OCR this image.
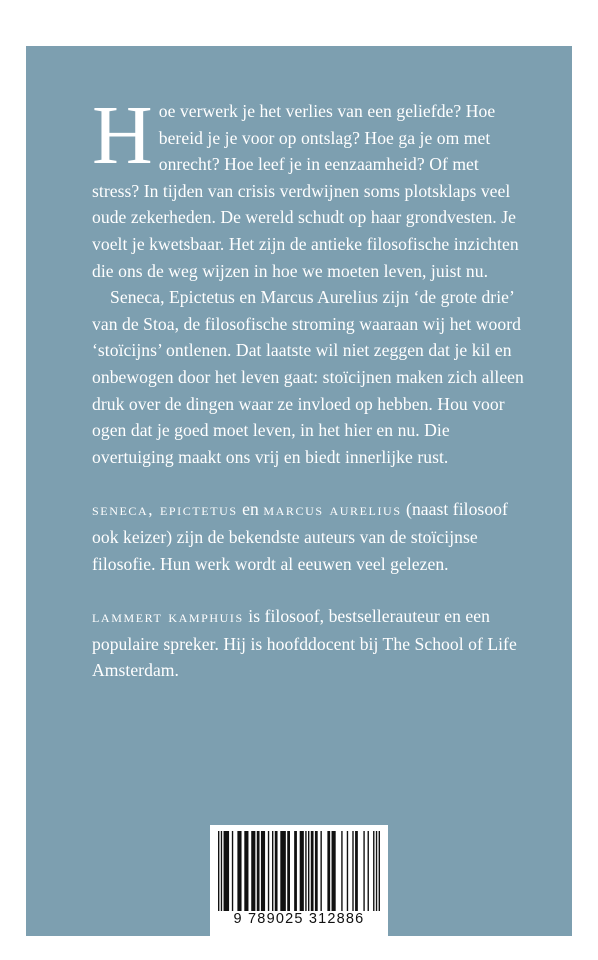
Hoe verwerk je het verlies van een geliefde? Hoe bereid je je voor op ontslag? Hoe ga je om met onrecht? Hoe leef je in eenzaamheid? Of met stress? In tijden van crisis verdwijnen soms plotsklaps veel oude zekerheden. De wereld schudt op haar grondvesten. Je voelt je kwetsbaar. Het zijn de antieke filosofische inzichten die ons de weg wijzen in hoe we moeten leven, juist nu.

Seneca, Epictetus en Marcus Aurelius zijn ‘de grote drie’ van de Stoa, de filosofische stroming waaraan wij het woord ‘stoïcijns’ ontlenen. Dat laatste wil niet zeggen dat je kil en onbewogen door het leven gaat: stoïcijnen maken zich alleen druk over de dingen waar ze invloed op hebben. Hou voor ogen dat je goed moet leven, in het hier en nu. Die overtuiging maakt ons vrij en biedt innerlijke rust.

seneca, epictetus en marcus aurelius (naast filosoof ook keizer) zijn de bekendste auteurs van de stoïcijnse filosofie. Hun werk wordt al eeuwen veel gelezen.

lammert kamphuis is filosoof, bestsellerauteur en een populaire spreker. Hij is hoofddocent bij The School of Life Amsterdam.

9 789025 312886
